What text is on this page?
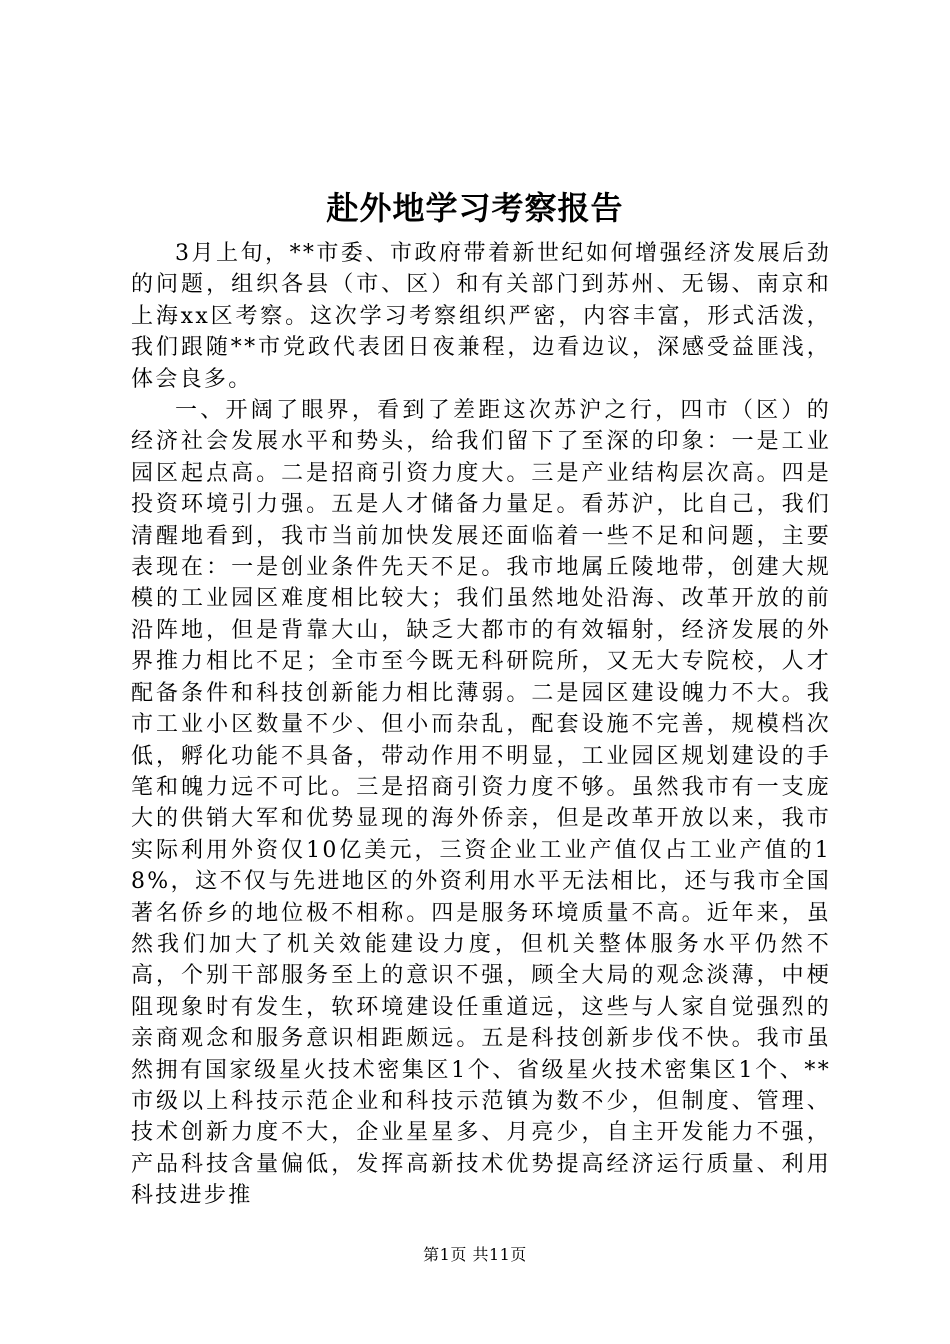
赴外地学习考察报告

3月上旬，**市委、市政府带着新世纪如何增强经济发展后劲的问题，组织各县（市、区）和有关部门到苏州、无锡、南京和上海xx区考察。这次学习考察组织严密，内容丰富，形式活泼，我们跟随**市党政代表团日夜兼程，边看边议，深感受益匪浅，体会良多。

一、开阔了眼界，看到了差距这次苏沪之行，四市（区）的经济社会发展水平和势头，给我们留下了至深的印象：一是工业园区起点高。二是招商引资力度大。三是产业结构层次高。四是投资环境引力强。五是人才储备力量足。看苏沪，比自己，我们清醒地看到，我市当前加快发展还面临着一些不足和问题，主要表现在：一是创业条件先天不足。我市地属丘陵地带，创建大规模的工业园区难度相比较大；我们虽然地处沿海、改革开放的前沿阵地，但是背靠大山，缺乏大都市的有效辐射，经济发展的外界推力相比不足；全市至今既无科研院所，又无大专院校，人才配备条件和科技创新能力相比薄弱。二是园区建设魄力不大。我市工业小区数量不少、但小而杂乱，配套设施不完善，规模档次低，孵化功能不具备，带动作用不明显，工业园区规划建设的手笔和魄力远不可比。三是招商引资力度不够。虽然我市有一支庞大的供销大军和优势显现的海外侨亲，但是改革开放以来，我市实际利用外资仅10亿美元，三资企业工业产值仅占工业产值的18%，这不仅与先进地区的外资利用水平无法相比，还与我市全国著名侨乡的地位极不相称。四是服务环境质量不高。近年来，虽然我们加大了机关效能建设力度，但机关整体服务水平仍然不高，个别干部服务至上的意识不强，顾全大局的观念淡薄，中梗阻现象时有发生，软环境建设任重道远，这些与人家自觉强烈的亲商观念和服务意识相距颇远。五是科技创新步伐不快。我市虽然拥有国家级星火技术密集区1个、省级星火技术密集区1个、**市级以上科技示范企业和科技示范镇为数不少，但制度、管理、技术创新力度不大，企业星星多、月亮少，自主开发能力不强，产品科技含量偏低，发挥高新技术优势提高经济运行质量、利用科技进步推

第1页 共11页
